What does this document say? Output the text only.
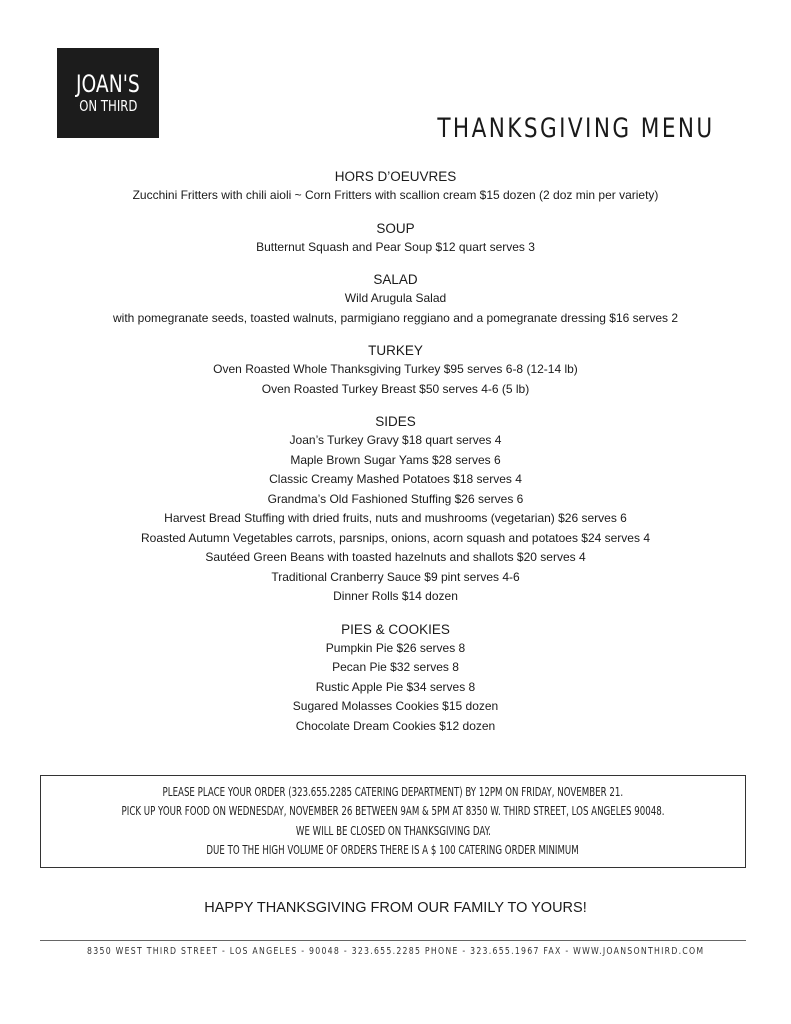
JOAN'S
ON THIRD
THANKSGIVING MENU
HORS D’OEUVRES
Zucchini Fritters with chili aioli ~ Corn Fritters with scallion cream $15 dozen (2 doz min per variety)
SOUP
Butternut Squash and Pear Soup $12 quart serves 3
SALAD
Wild Arugula Salad
with pomegranate seeds, toasted walnuts, parmigiano reggiano and a pomegranate dressing $16 serves 2
TURKEY
Oven Roasted Whole Thanksgiving Turkey $95 serves 6-8 (12-14 lb)
Oven Roasted Turkey Breast $50 serves 4-6 (5 lb)
SIDES
Joan’s Turkey Gravy $18 quart serves 4
Maple Brown Sugar Yams $28 serves 6
Classic Creamy Mashed Potatoes $18 serves 4
Grandma’s Old Fashioned Stuffing $26 serves 6
Harvest Bread Stuffing with dried fruits, nuts and mushrooms (vegetarian) $26 serves 6
Roasted Autumn Vegetables carrots, parsnips, onions, acorn squash and potatoes $24 serves 4
Sautéed Green Beans with toasted hazelnuts and shallots $20 serves 4
Traditional Cranberry Sauce $9 pint serves 4-6
Dinner Rolls $14 dozen
PIES & COOKIES
Pumpkin Pie $26 serves 8
Pecan Pie $32 serves 8
Rustic Apple Pie $34 serves 8
Sugared Molasses Cookies $15 dozen
Chocolate Dream Cookies $12 dozen
PLEASE PLACE YOUR ORDER (323.655.2285 CATERING DEPARTMENT) BY 12PM ON FRIDAY, NOVEMBER 21.
PICK UP YOUR FOOD ON WEDNESDAY, NOVEMBER 26 BETWEEN 9AM & 5PM AT 8350 W. THIRD STREET, LOS ANGELES 90048.
WE WILL BE CLOSED ON THANKSGIVING DAY.
DUE TO THE HIGH VOLUME OF ORDERS THERE IS A $ 100 CATERING ORDER MINIMUM
HAPPY THANKSGIVING FROM OUR FAMILY TO YOURS!
8350 WEST THIRD STREET - LOS ANGELES - 90048 - 323.655.2285 PHONE - 323.655.1967 FAX - WWW.JOANSONTHIRD.COM
